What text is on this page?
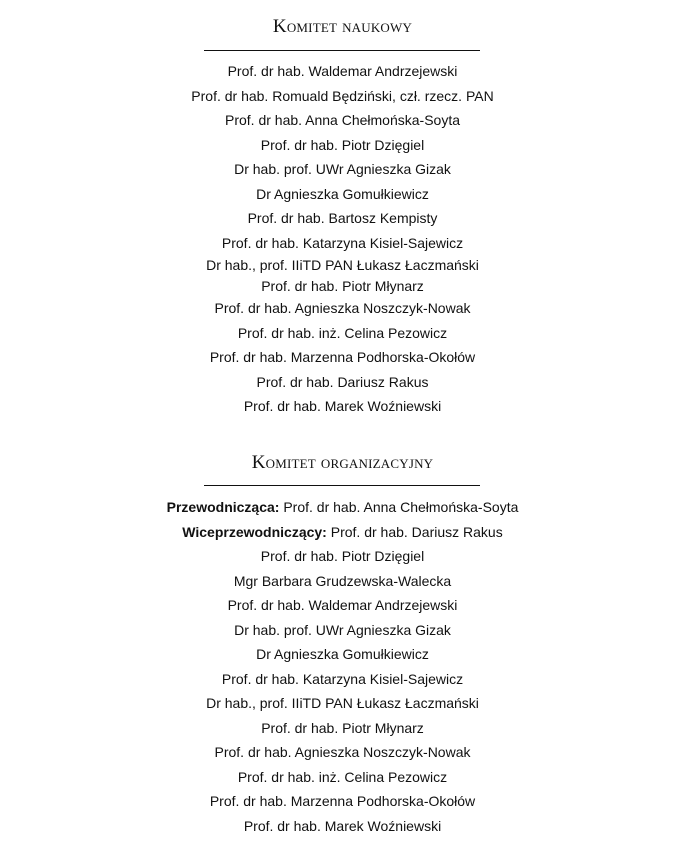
Komitet naukowy
Prof. dr hab. Waldemar Andrzejewski
Prof. dr hab. Romuald Będziński, czł. rzecz. PAN
Prof. dr hab. Anna Chełmońska-Soyta
Prof. dr hab. Piotr Dzięgiel
Dr hab. prof. UWr Agnieszka Gizak
Dr Agnieszka Gomułkiewicz
Prof. dr hab. Bartosz Kempisty
Prof. dr hab. Katarzyna Kisiel-Sajewicz
Dr hab., prof. IIiTD PAN Łukasz Łaczmański
Prof. dr hab. Piotr Młynarz
Prof. dr hab. Agnieszka Noszczyk-Nowak
Prof. dr hab. inż. Celina Pezowicz
Prof. dr hab. Marzenna Podhorska-Okołów
Prof. dr hab. Dariusz Rakus
Prof. dr hab. Marek Woźniewski
Komitet organizacyjny
Przewodnicząca: Prof. dr hab. Anna Chełmońska-Soyta
Wiceprzewodniczący: Prof. dr hab. Dariusz Rakus
Prof. dr hab. Piotr Dzięgiel
Mgr Barbara Grudzewska-Walecka
Prof. dr hab. Waldemar Andrzejewski
Dr hab. prof. UWr Agnieszka Gizak
Dr Agnieszka Gomułkiewicz
Prof. dr hab. Katarzyna Kisiel-Sajewicz
Dr hab., prof. IIiTD PAN Łukasz Łaczmański
Prof. dr hab. Piotr Młynarz
Prof. dr hab. Agnieszka Noszczyk-Nowak
Prof. dr hab. inż. Celina Pezowicz
Prof. dr hab. Marzenna Podhorska-Okołów
Prof. dr hab. Marek Woźniewski
